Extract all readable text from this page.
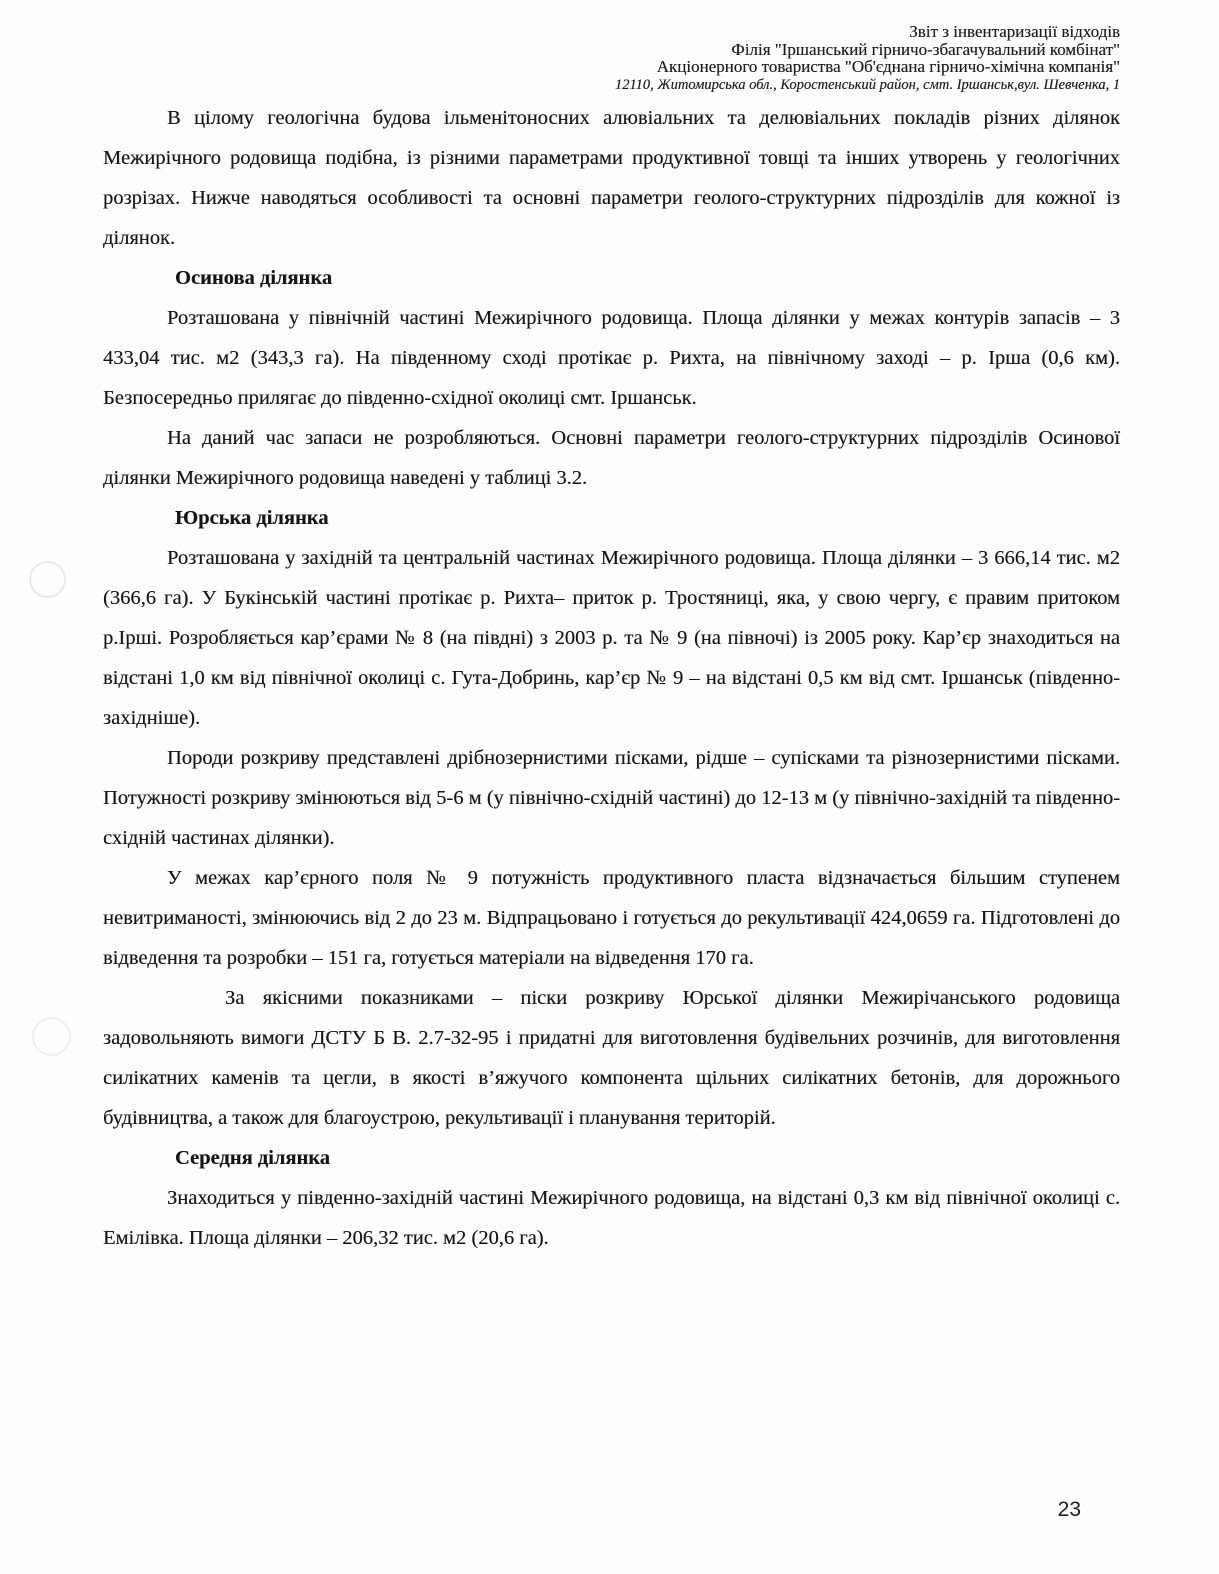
Звіт з інвентаризації відходів
Філія "Іршанський гірничо-збагачувальний комбінат"
Акціонерного товариства "Об'єднана гірничо-хімічна компанія"
12110, Житомирська обл., Коростенський район, смт. Іршанськ,вул. Шевченка, 1

В цілому геологічна будова ільменітоносних алювіальних та делювіальних покладів різних ділянок Межирічного родовища подібна, із різними параметрами продуктивної товщі та інших утворень у геологічних розрізах. Нижче наводяться особливості та основні параметри геолого-структурних підрозділів для кожної із ділянок.

Осинова ділянка

Розташована у північній частині Межирічного родовища. Площа ділянки у межах контурів запасів – 3 433,04 тис. м2 (343,3 га). На південному сході протікає р. Рихта, на північному заході – р. Ірша (0,6 км). Безпосередньо прилягає до південно-східної околиці смт. Іршанськ.

На даний час запаси не розробляються. Основні параметри геолого-структурних підрозділів Осинової ділянки Межирічного родовища наведені у таблиці 3.2.

Юрська ділянка

Розташована у західній та центральній частинах Межирічного родовища. Площа ділянки – 3 666,14 тис. м2 (366,6 га). У Букінській частині протікає р. Рихта– приток р. Тростяниці, яка, у свою чергу, є правим притоком р.Ірші. Розробляється кар’єрами № 8 (на півдні) з 2003 р. та № 9 (на півночі) із 2005 року. Кар’єр знаходиться на відстані 1,0 км від північної околиці с. Гута-Добринь, кар’єр № 9 – на відстані 0,5 км від смт. Іршанськ (південно-західніше).

Породи розкриву представлені дрібнозернистими пісками, рідше – супісками та різнозернистими пісками. Потужності розкриву змінюються від 5-6 м (у північно-східній частині) до 12-13 м (у північно-західній та південно-східній частинах ділянки).

У межах кар’єрного поля № 9 потужність продуктивного пласта відзначається більшим ступенем невитриманості, змінюючись від 2 до 23 м. Відпрацьовано і готується до рекультивації 424,0659 га. Підготовлені до відведення та розробки – 151 га, готується матеріали на відведення 170 га.

За якісними показниками – піски розкриву Юрської ділянки Межирічанського родовища задовольняють вимоги ДСТУ Б В. 2.7-32-95 і придатні для виготовлення будівельних розчинів, для виготовлення силікатних каменів та цегли, в якості в’яжучого компонента щільних силікатних бетонів, для дорожнього будівництва, а також для благоустрою, рекультивації і планування територій.

Середня ділянка

Знаходиться у південно-західній частині Межирічного родовища, на відстані 0,3 км від північної околиці с. Емілівка. Площа ділянки – 206,32 тис. м2 (20,6 га).

23
